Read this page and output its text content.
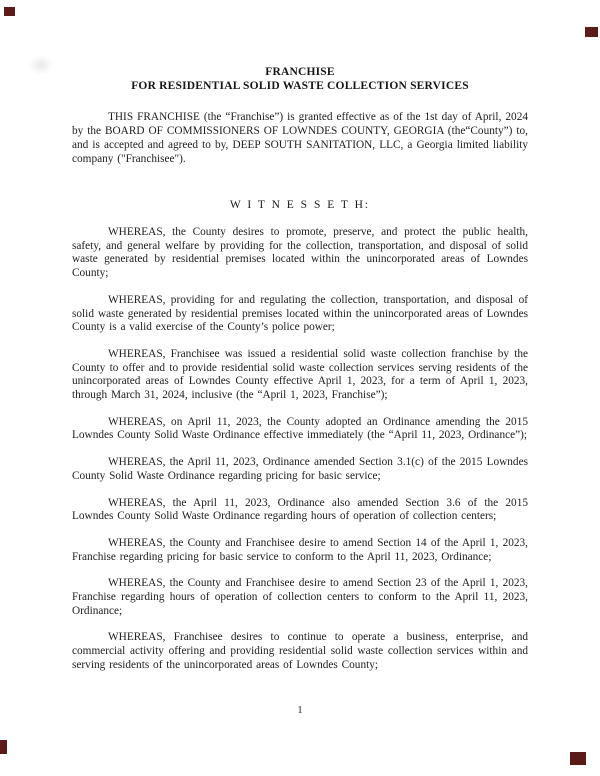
FRANCHISE
FOR RESIDENTIAL SOLID WASTE COLLECTION SERVICES

THIS FRANCHISE (the “Franchise”) is granted effective as of the 1st day of April, 2024 by the BOARD OF COMMISSIONERS OF LOWNDES COUNTY, GEORGIA (the“County”) to, and is accepted and agreed to by, DEEP SOUTH SANITATION, LLC, a Georgia limited liability company ("Franchisee").

W I T N E S S E T H:

WHEREAS, the County desires to promote, preserve, and protect the public health, safety, and general welfare by providing for the collection, transportation, and disposal of solid waste generated by residential premises located within the unincorporated areas of Lowndes County;

WHEREAS, providing for and regulating the collection, transportation, and disposal of solid waste generated by residential premises located within the unincorporated areas of Lowndes County is a valid exercise of the County’s police power;

WHEREAS, Franchisee was issued a residential solid waste collection franchise by the County to offer and to provide residential solid waste collection services serving residents of the unincorporated areas of Lowndes County effective April 1, 2023, for a term of April 1, 2023, through March 31, 2024, inclusive (the “April 1, 2023, Franchise”);

WHEREAS, on April 11, 2023, the County adopted an Ordinance amending the 2015 Lowndes County Solid Waste Ordinance effective immediately (the “April 11, 2023, Ordinance”);

WHEREAS, the April 11, 2023, Ordinance amended Section 3.1(c) of the 2015 Lowndes County Solid Waste Ordinance regarding pricing for basic service;

WHEREAS, the April 11, 2023, Ordinance also amended Section 3.6 of the 2015 Lowndes County Solid Waste Ordinance regarding hours of operation of collection centers;

WHEREAS, the County and Franchisee desire to amend Section 14 of the April 1, 2023, Franchise regarding pricing for basic service to conform to the April 11, 2023, Ordinance;

WHEREAS, the County and Franchisee desire to amend Section 23 of the April 1, 2023, Franchise regarding hours of operation of collection centers to conform to the April 11, 2023, Ordinance;

WHEREAS, Franchisee desires to continue to operate a business, enterprise, and commercial activity offering and providing residential solid waste collection services within and serving residents of the unincorporated areas of Lowndes County;

1
